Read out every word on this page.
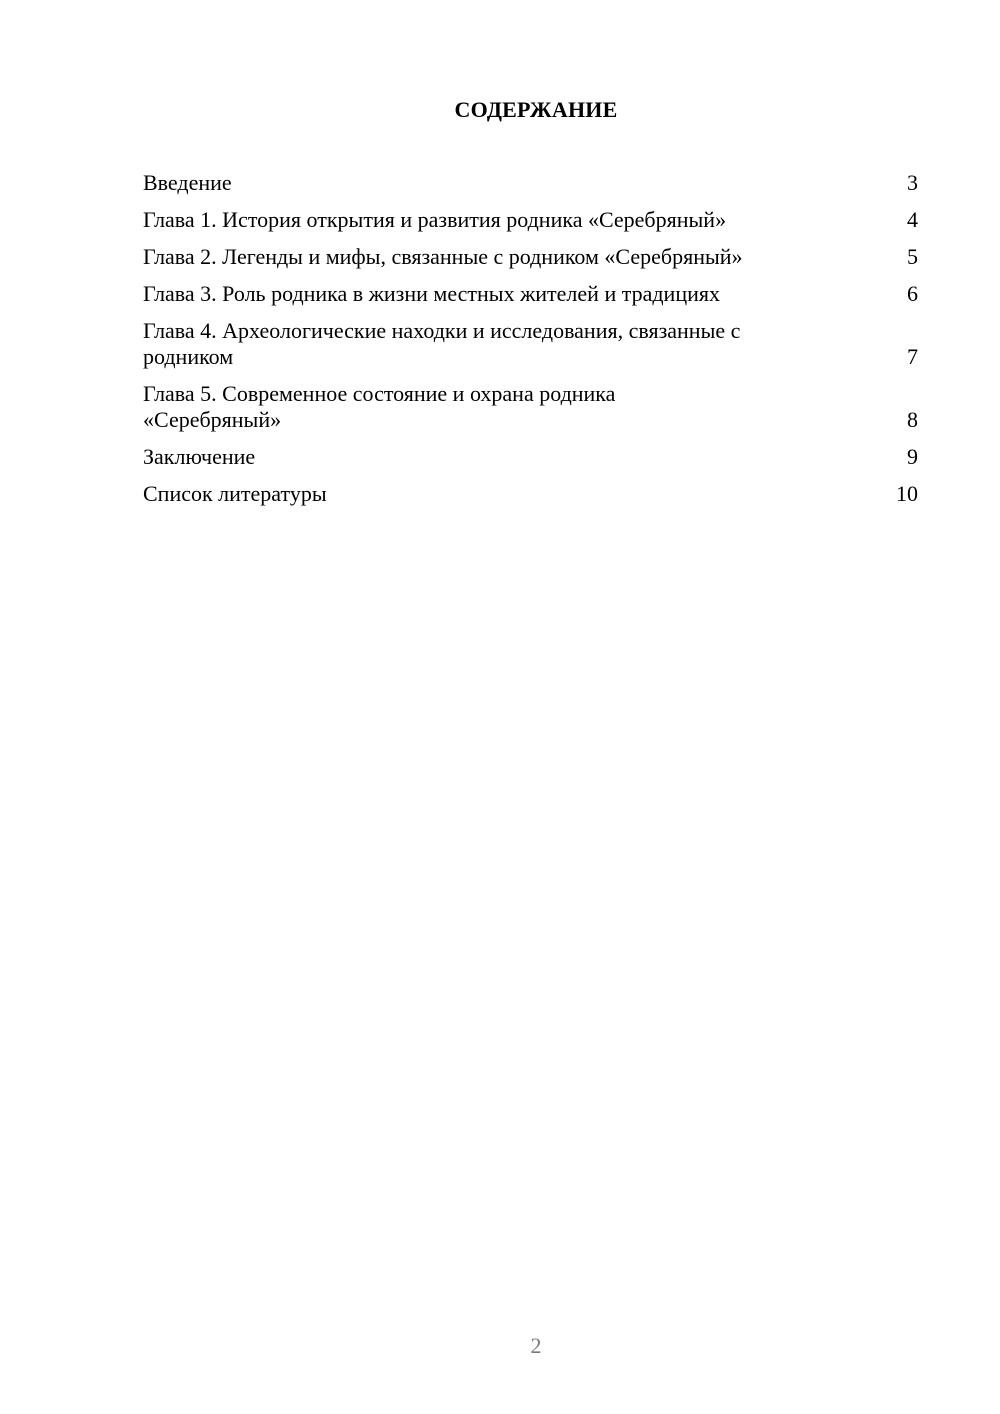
СОДЕРЖАНИЕ
Введение	3
Глава 1. История открытия и развития родника «Серебряный»	4
Глава 2. Легенды и мифы, связанные с родником «Серебряный»	5
Глава 3. Роль родника в жизни местных жителей и традициях	6
Глава 4. Археологические находки и исследования, связанные с родником	7
Глава 5. Современное состояние и охрана родника «Серебряный»	8
Заключение	9
Список литературы	10
2
